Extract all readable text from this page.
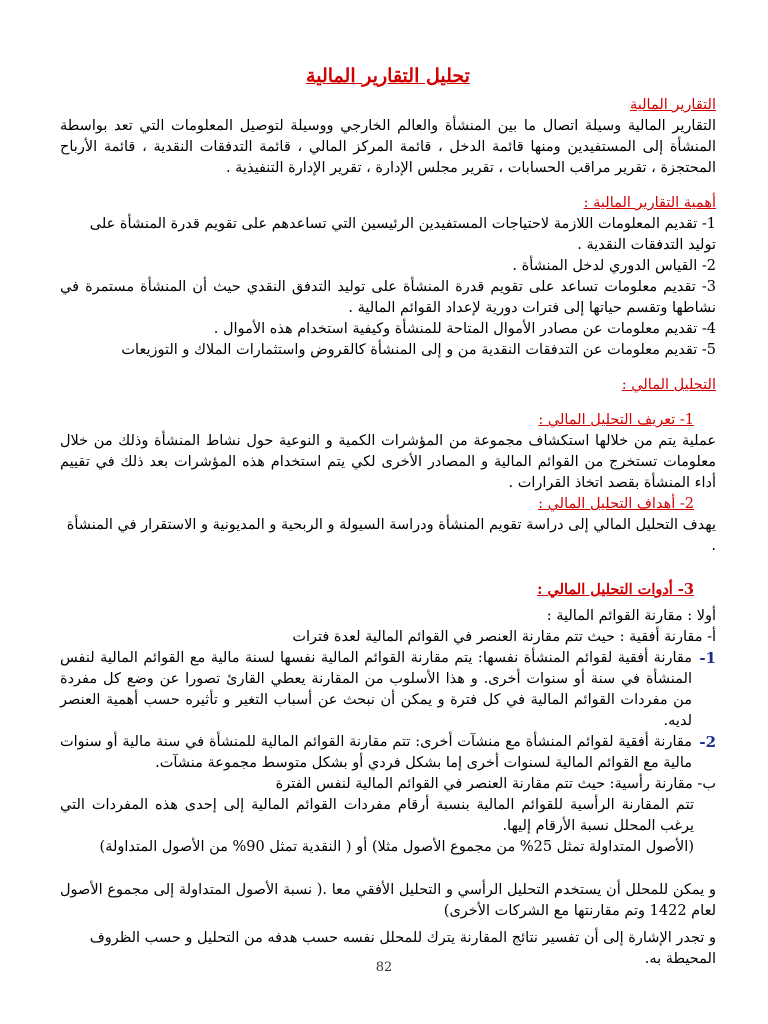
تحليل التقارير المالية

التقارير المالية

التقارير المالية وسيلة اتصال ما بين المنشأة والعالم الخارجي ووسيلة لتوصيل المعلومات التي تعد بواسطة المنشأة إلى المستفيدين ومنها قائمة الدخل ، قائمة المركز المالي ، قائمة التدفقات النقدية ، قائمة الأرباح المحتجزة ، تقرير مراقب الحسابات ، تقرير مجلس الإدارة ، تقرير الإدارة التنفيذية .

أهمية التقارير المالية :

1- تقديم المعلومات اللازمة لاحتياجات المستفيدين الرئيسين التي تساعدهم على تقويم قدرة المنشأة على توليد التدفقات النقدية .

2- القياس الدوري لدخل المنشأة .

3- تقديم معلومات تساعد على تقويم قدرة المنشأة على توليد التدفق النقدي حيث أن المنشأة مستمرة في نشاطها وتقسم حياتها إلى فترات دورية لإعداد القوائم المالية .

4- تقديم معلومات عن مصادر الأموال المتاحة للمنشأة وكيفية استخدام هذه الأموال .

5- تقديم معلومات عن التدفقات النقدية من و إلى المنشأة كالقروض واستثمارات الملاك و التوزيعات

التحليل المالي :

1- تعريف التحليل المالي :

عملية يتم من خلالها استكشاف مجموعة من المؤشرات الكمية و النوعية حول نشاط المنشأة وذلك من خلال معلومات تستخرج من القوائم المالية و المصادر الأخرى لكي يتم استخدام هذه المؤشرات بعد ذلك في تقييم أداء المنشأة بقصد اتخاذ القرارات .

2- أهداف التحليل المالي :

يهدف التحليل المالي إلى دراسة تقويم المنشأة ودراسة السيولة و الربحية و المديونية و الاستقرار في المنشأة .

3- أدوات التحليل المالي :

أولا : مقارنة القوائم المالية :

أ- مقارنة أفقية : حيث تتم مقارنة العنصر في القوائم المالية لعدة فترات

1-
مقارنة أفقية لقوائم المنشأة نفسها: يتم مقارنة القوائم المالية نفسها لسنة مالية مع القوائم المالية لنفس المنشأة في سنة أو سنوات أخرى. و هذا الأسلوب من المقارنة يعطي القارئ تصورا عن وضع كل مفردة من مفردات القوائم المالية في كل فترة و يمكن أن نبحث عن أسباب التغير و تأثيره حسب أهمية العنصر لديه.
2-
مقارنة أفقية لقوائم المنشأة مع منشآت أخرى: تتم مقارنة القوائم المالية للمنشأة في سنة مالية أو سنوات مالية مع القوائم المالية لسنوات أخرى إما بشكل فردي أو بشكل متوسط مجموعة منشآت.

ب- مقارنة رأسية: حيث تتم مقارنة العنصر في القوائم المالية لنفس الفترة

تتم المقارنة الرأسية للقوائم المالية بنسبة أرقام مفردات القوائم المالية إلى إحدى هذه المفردات التي يرغب المحلل نسبة الأرقام إليها.

(الأصول المتداولة تمثل 25% من مجموع الأصول مثلا) أو ( النقدية تمثل 90% من الأصول المتداولة)

و يمكن للمحلل أن يستخدم التحليل الرأسي و التحليل الأفقي معا .( نسبة الأصول المتداولة إلى مجموع الأصول لعام 1422 وتم مقارنتها مع الشركات الأخرى)

و تجدر الإشارة إلى أن تفسير نتائج المقارنة يترك للمحلل نفسه حسب هدفه من التحليل و حسب الظروف المحيطة به.

82
